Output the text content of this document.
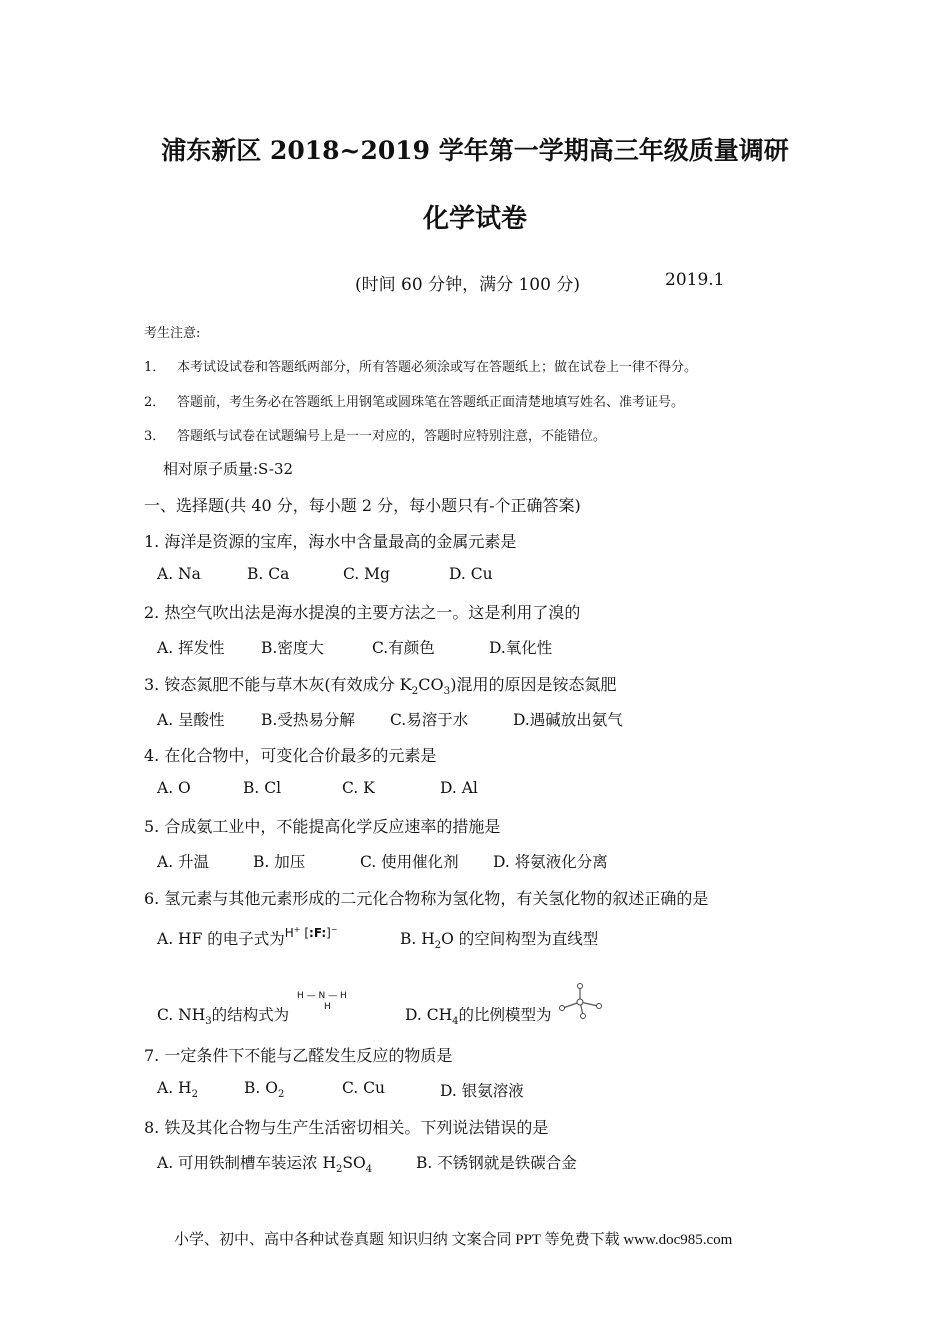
浦东新区 2018~2019 学年第一学期高三年级质量调研
化学试卷
(时间 60 分钟，满分 100 分)	2019.1
考生注意:
1． 本考试设试卷和答题纸两部分，所有答题必须涂或写在答题纸上；做在试卷上一律不得分。
2． 答题前，考生务必在答题纸上用钢笔或圆珠笔在答题纸正面清楚地填写姓名、准考证号。
3． 答题纸与试卷在试题编号上是一一对应的，答题时应特别注意，不能错位。
相对原子质量:S-32
一、选择题(共 40 分，每小题 2 分，每小题只有-个正确答案)
1. 海洋是资源的宝库，海水中含量最高的金属元素是
A. Na	B. Ca	C. Mg	D. Cu
2. 热空气吹出法是海水提溴的主要方法之一。这是利用了溴的
A. 挥发性 B.密度大	C.有颜色	D.氧化性
3. 铵态氮肥不能与草木灰(有效成分 $K_2CO_3$)混用的原因是铵态氮肥
A. 呈酸性 B.受热易分解 C.易溶于水	D.遇碱放出氨气
4. 在化合物中，可变化合价最多的元素是
A. O	B. Cl	C. K	D. Al
5. 合成氨工业中，不能提高化学反应速率的措施是
A. 升温	B. 加压	C. 使用催化剂 D. 将氨液化分离
6. 氢元素与其他元素形成的二元化合物称为氢化物，有关氢化物的叙述正确的是
A. HF 的电子式为H+ [:F:]−
B. $H_2O$ 的空间构型为直线型
C. $NH_3$的结构式为
H — N — H
H	D. $CH_4$的比例模型为
7. 一定条件下不能与乙醛发生反应的物质是
A. $H_2$	B. $O_2$	C. Cu	D. 银氨溶液
8. 铁及其化合物与生产生活密切相关。下列说法错误的是
A. 可用铁制槽车装运浓 $H_2SO_4$	B. 不锈钢就是铁碳合金
小学、初中、高中各种试卷真题 知识归纳 文案合同 PPT 等免费下载 www.doc985.com
